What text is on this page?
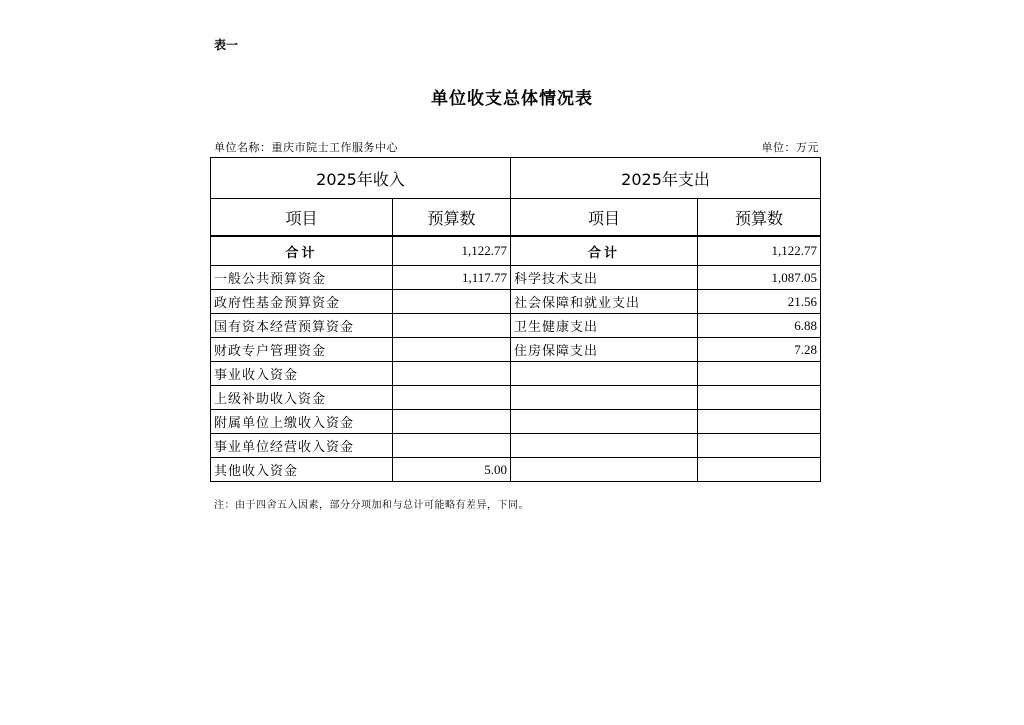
表一
单位收支总体情况表
单位名称：重庆市院士工作服务中心	单位：万元
2025年收入		2025年支出	
项目	预算数	项目	预算数
合计	1,122.77	合计	1,122.77
一般公共预算资金	1,117.77	科学技术支出	1,087.05
政府性基金预算资金		社会保障和就业支出	21.56
国有资本经营预算资金		卫生健康支出	6.88
财政专户管理资金		住房保障支出	7.28
事业收入资金			
上级补助收入资金			
附属单位上缴收入资金			
事业单位经营收入资金			
其他收入资金	5.00		
注：由于四舍五入因素，部分分项加和与总计可能略有差异，下同。
